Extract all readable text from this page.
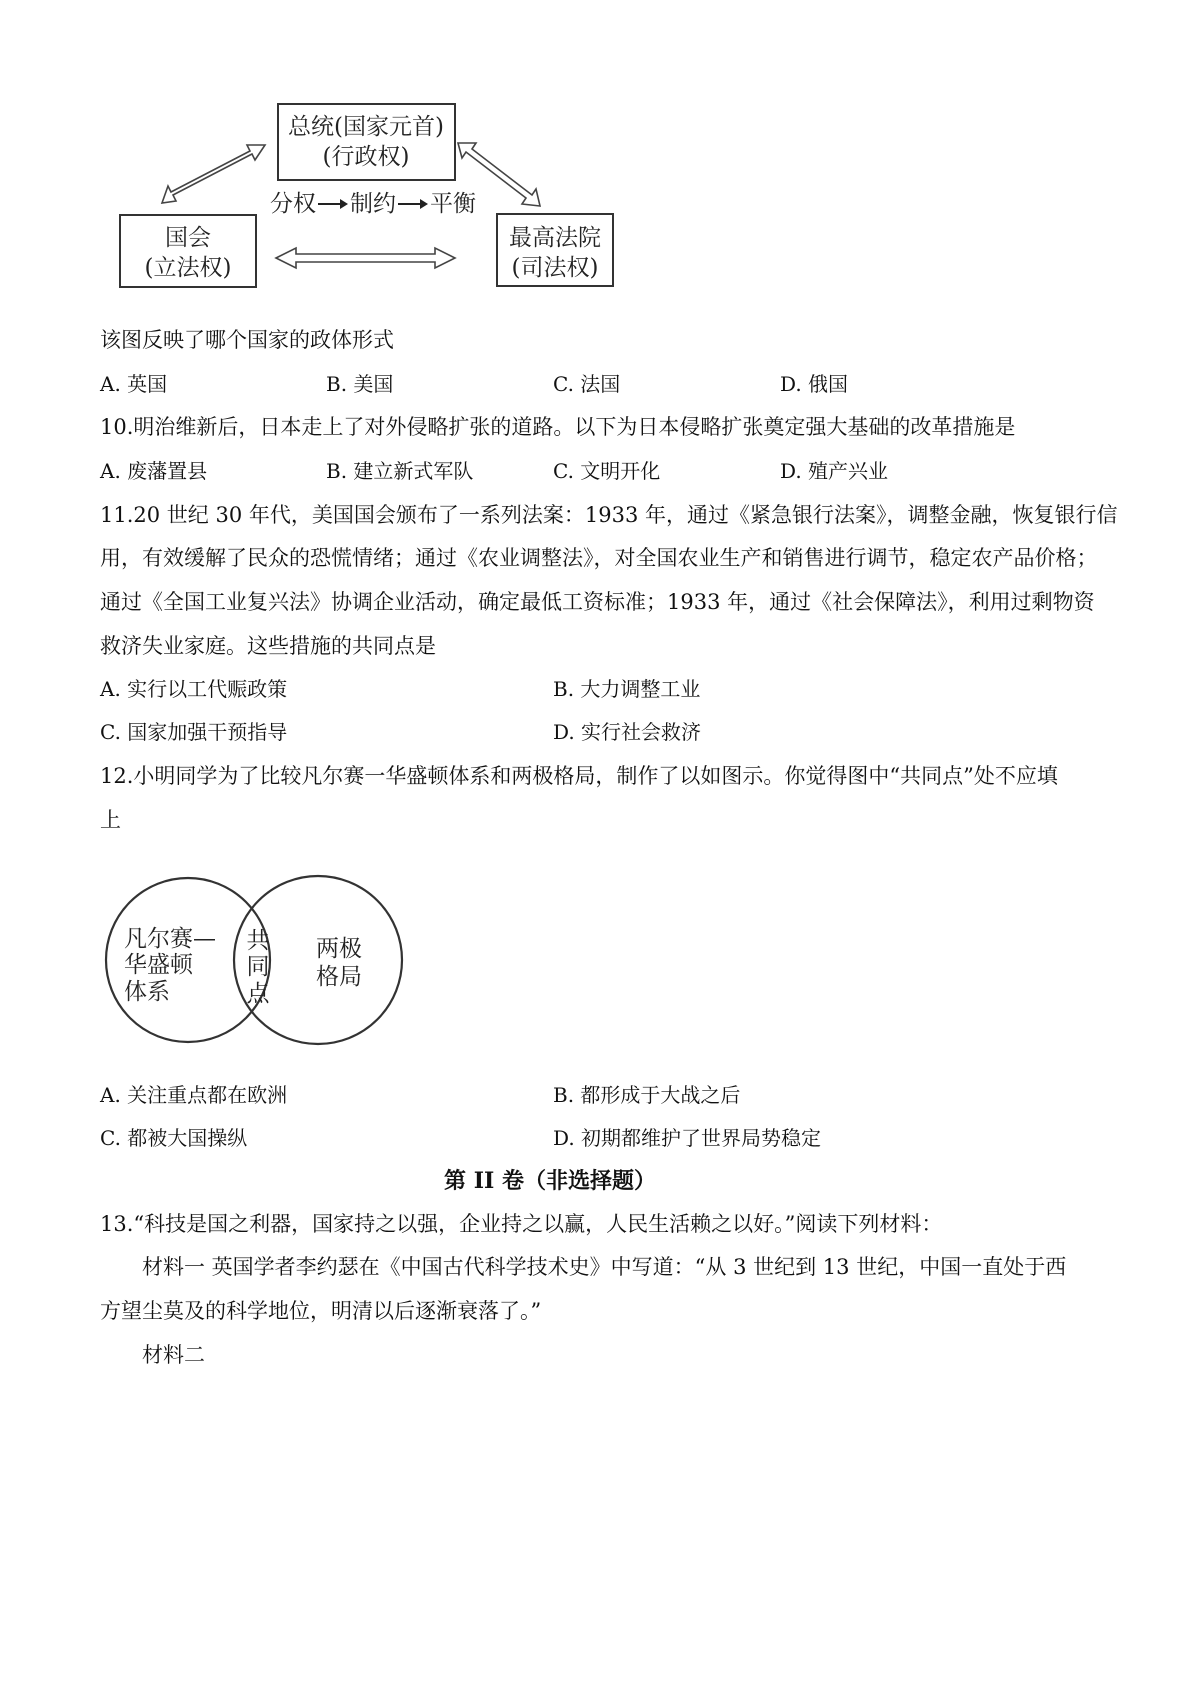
总统(国家元首)
(行政权)
国会
(立法权)
最高法院
(司法权)
分权 制约 平衡
该图反映了哪个国家的政体形式
A. 英国	B. 美国	C. 法国	D. 俄国
10.明治维新后，日本走上了对外侵略扩张的道路。以下为日本侵略扩张奠定强大基础的改革措施是
A. 废藩置县	B. 建立新式军队	C. 文明开化	D. 殖产兴业
11.20 世纪 30 年代，美国国会颁布了一系列法案：1933 年，通过《紧急银行法案》，调整金融，恢复银行信
用，有效缓解了民众的恐慌情绪；通过《农业调整法》，对全国农业生产和销售进行调节，稳定农产品价格；
通过《全国工业复兴法》协调企业活动，确定最低工资标准；1933 年，通过《社会保障法》，利用过剩物资
救济失业家庭。这些措施的共同点是
A. 实行以工代赈政策	B. 大力调整工业
C. 国家加强干预指导	D. 实行社会救济
12.小明同学为了比较凡尔赛一华盛顿体系和两极格局，制作了以如图示。你觉得图中“共同点”处不应填
上
凡尔赛—
华盛顿
体系
共
同
点
两极
格局
A. 关注重点都在欧洲	B. 都形成于大战之后
C. 都被大国操纵	D. 初期都维护了世界局势稳定
第 II 卷（非选择题）
13.“科技是国之利器，国家持之以强，企业持之以赢，人民生活赖之以好。”阅读下列材料：
材料一 英国学者李约瑟在《中国古代科学技术史》中写道：“从 3 世纪到 13 世纪，中国一直处于西
方望尘莫及的科学地位，明清以后逐渐衰落了。”
材料二
